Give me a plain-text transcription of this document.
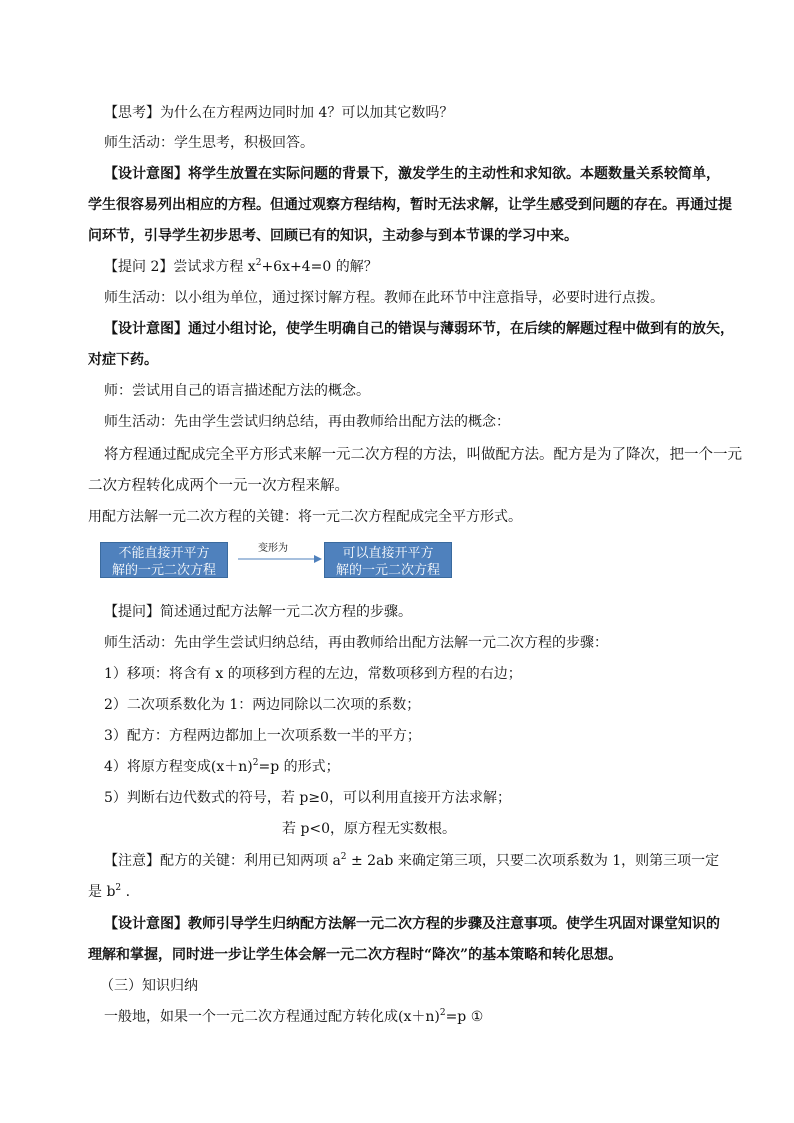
【思考】为什么在方程两边同时加 4？可以加其它数吗？
师生活动：学生思考，积极回答。
【设计意图】将学生放置在实际问题的背景下，激发学生的主动性和求知欲。本题数量关系较简单，
学生很容易列出相应的方程。但通过观察方程结构，暂时无法求解，让学生感受到问题的存在。再通过提
问环节，引导学生初步思考、回顾已有的知识，主动参与到本节课的学习中来。
【提问 2】尝试求方程 $x^2+6x+4=0$ 的解？
师生活动：以小组为单位，通过探讨解方程。教师在此环节中注意指导，必要时进行点拨。
【设计意图】通过小组讨论，使学生明确自己的错误与薄弱环节，在后续的解题过程中做到有的放矢，
对症下药。
师：尝试用自己的语言描述配方法的概念。
师生活动：先由学生尝试归纳总结，再由教师给出配方法的概念：
将方程通过配成完全平方形式来解一元二次方程的方法，叫做配方法。配方是为了降次，把一个一元
二次方程转化成两个一元一次方程来解。
用配方法解一元二次方程的关键：将一元二次方程配成完全平方形式。
不能直接开平方
解的一元二次方程
变形为	可以直接开平方
解的一元二次方程
【提问】简述通过配方法解一元二次方程的步骤。
师生活动：先由学生尝试归纳总结，再由教师给出配方法解一元二次方程的步骤：
1）移项：将含有 x 的项移到方程的左边，常数项移到方程的右边；
2）二次项系数化为 1：两边同除以二次项的系数；
3）配方：方程两边都加上一次项系数一半的平方；
4）将原方程变成$(x+n)^2=p$ 的形式；
5）判断右边代数式的符号，若 p≥0，可以利用直接开方法求解；
若 p<0，原方程无实数根。
【注意】配方的关键：利用已知两项 $a^2 \pm 2ab$ 来确定第三项，只要二次项系数为 1，则第三项一定
是 $b^2$ .
【设计意图】教师引导学生归纳配方法解一元二次方程的步骤及注意事项。使学生巩固对课堂知识的
理解和掌握，同时进一步让学生体会解一元二次方程时“降次”的基本策略和转化思想。
（三）知识归纳
一般地，如果一个一元二次方程通过配方转化成$(x+n)^2=p$ ①
